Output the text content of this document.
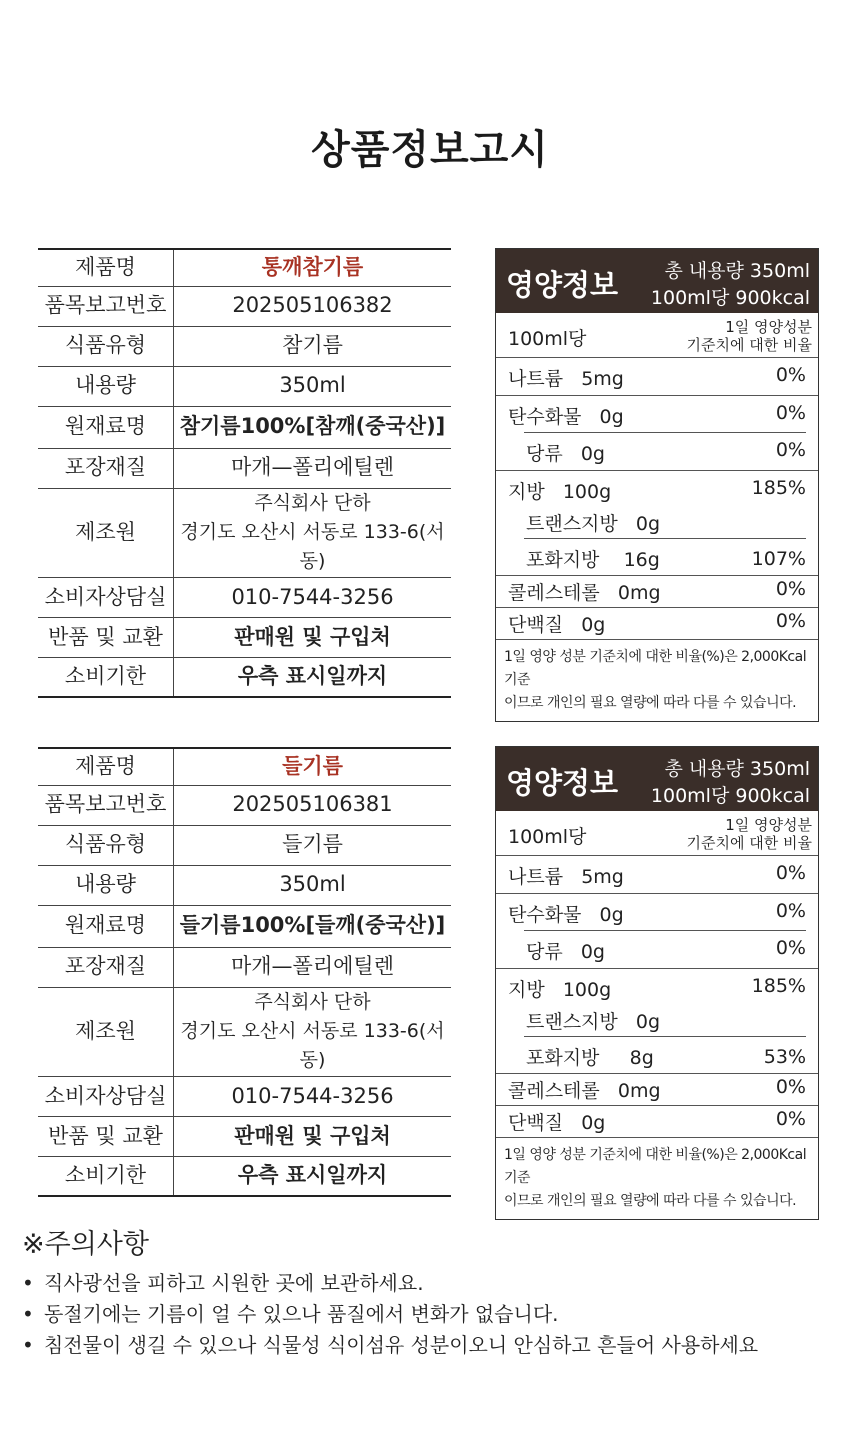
상품정보고시
제품명	통깨참기름
품목보고번호	202505106382
식품유형	참기름
내용량	350ml
원재료명	참기름100%[참깨(중국산)]
포장재질	마개—폴리에틸렌
제조원	주식회사 단하
경기도 오산시 서동로 133-6(서동)

소비자상담실	010-7544-3256
반품 및 교환	판매원 및 구입처
소비기한	우측 표시일까지
영양정보 총 내용량 350ml
100ml당 900kcal
100ml당
1일 영양성분
기준치에 대한 비율
나트륨 5mg	0%
탄수화물 0g	0%
당류 0g	0%
지방 100g	185%
트랜스지방 0g
포화지방 16g	107%
콜레스테롤 0mg	0%
단백질 0g	0%
1일 영양 성분 기준치에 대한 비율(%)은 2,000Kcal 기준
이므로 개인의 필요 열량에 따라 다를 수 있습니다.
제품명	들기름
품목보고번호	202505106381
식품유형	들기름
내용량	350ml
원재료명	들기름100%[들깨(중국산)]
포장재질	마개—폴리에틸렌
제조원	주식회사 단하
경기도 오산시 서동로 133-6(서동)

소비자상담실	010-7544-3256
반품 및 교환	판매원 및 구입처
소비기한	우측 표시일까지
영양정보 총 내용량 350ml
100ml당 900kcal
100ml당
1일 영양성분
기준치에 대한 비율
나트륨 5mg	0%
탄수화물 0g	0%
당류 0g	0%
지방 100g	185%
트랜스지방 0g
포화지방 8g	53%
콜레스테롤 0mg	0%
단백질 0g	0%
1일 영양 성분 기준치에 대한 비율(%)은 2,000Kcal 기준
이므로 개인의 필요 열량에 따라 다를 수 있습니다.
※주의사항
• 직사광선을 피하고 시원한 곳에 보관하세요.
• 동절기에는 기름이 얼 수 있으나 품질에서 변화가 없습니다.
• 침전물이 생길 수 있으나 식물성 식이섬유 성분이오니 안심하고 흔들어 사용하세요
